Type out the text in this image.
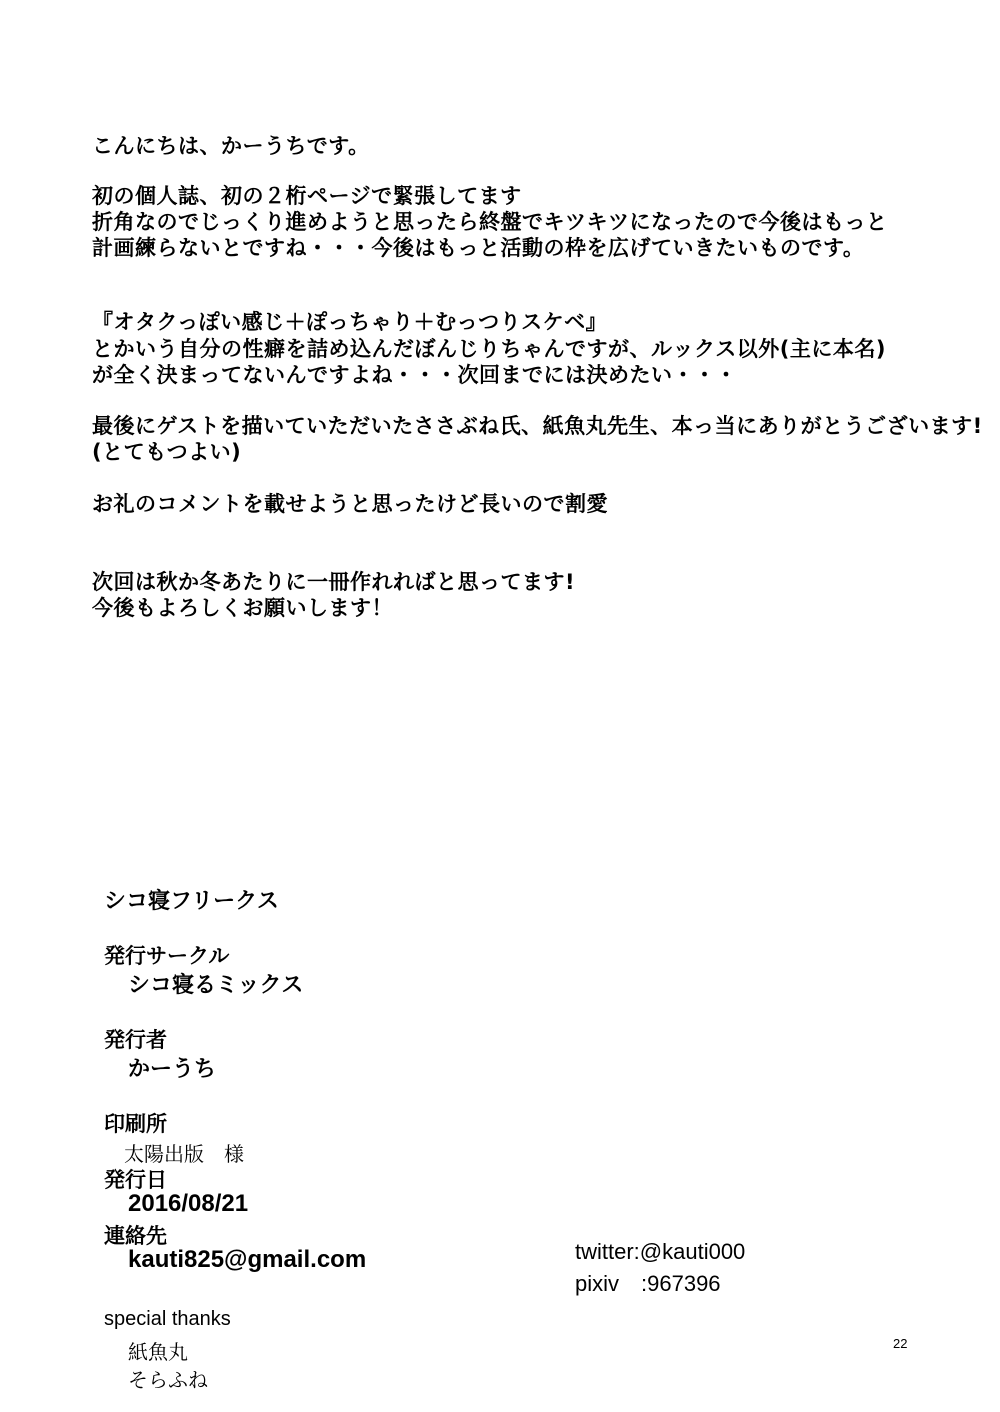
こんにちは、かーうちです。

初の個人誌、初の２桁ページで緊張してます

折角なのでじっくり進めようと思ったら終盤でキツキツになったので今後はもっと

計画練らないとですね・・・今後はもっと活動の枠を広げていきたいものです。

『オタクっぽい感じ＋ぽっちゃり＋むっつりスケベ』

とかいう自分の性癖を詰め込んだぼんじりちゃんですが、ルックス以外(主に本名)

が全く決まってないんですよね・・・次回までには決めたい・・・

最後にゲストを描いていただいたささぶね氏、紙魚丸先生、本っ当にありがとうございます!

(とてもつよい)

お礼のコメントを載せようと思ったけど長いので割愛

次回は秋か冬あたりに一冊作れればと思ってます!

今後もよろしくお願いします！

シコ寝フリークス

発行サークル

シコ寝るミックス

発行者

かーうち

印刷所

太陽出版　様

発行日

2016/08/21

連絡先

kauti825@gmail.com

special thanks

紙魚丸

そらふね

twitter:@kauti000

pixiv　:967396

22
